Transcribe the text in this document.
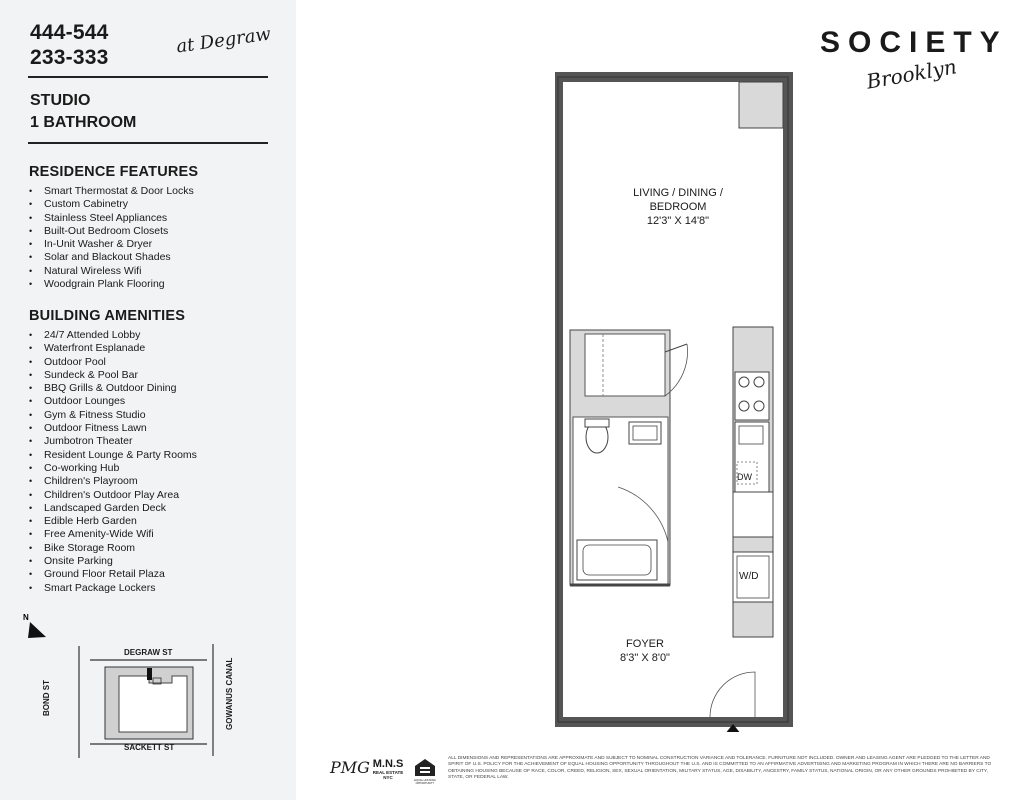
444-544
233-333	at Degraw
STUDIO
1 BATHROOM
RESIDENCE FEATURES
• Smart Thermostat & Door Locks
• Custom Cabinetry
• Stainless Steel Appliances
• Built-Out Bedroom Closets
• In-Unit Washer & Dryer
• Solar and Blackout Shades
• Natural Wireless Wifi
• Woodgrain Plank Flooring
BUILDING AMENITIES
• 24/7 Attended Lobby
• Waterfront Esplanade
• Outdoor Pool
• Sundeck & Pool Bar
• BBQ Grills & Outdoor Dining
• Outdoor Lounges
• Gym & Fitness Studio
• Outdoor Fitness Lawn
• Jumbotron Theater
• Resident Lounge & Party Rooms
• Co-working Hub
• Children's Playroom
• Children's Outdoor Play Area
• Landscaped Garden Deck
• Edible Herb Garden
• Free Amenity-Wide Wifi
• Bike Storage Room
• Onsite Parking
• Ground Floor Retail Plaza
• Smart Package Lockers
N
DEGRAW ST
SACKETT ST
BOND ST	GOWANUS CANAL
SOCIETY
Brooklyn
LIVING / DINING /
BEDROOM
12'3" X 14'8"
FOYER
8'3" X 8'0"
DW
W/D
PMG M.N.S
REAL ESTATE
NYC
EQUAL HOUSING OPPORTUNITY
ALL DIMENSIONS AND REPRESENTATIONS ARE APPROXIMATE AND SUBJECT TO NOMINAL CONSTRUCTION VARIANCE AND TOLERANCE. FURNITURE NOT INCLUDED. OWNER AND LEASING AGENT ARE PLEDGED TO THE LETTER AND SPIRIT OF U.S. POLICY FOR THE ACHIEVEMENT OF EQUAL HOUSING OPPORTUNITY THROUGHOUT THE U.S. AND IS COMMITTED TO AN AFFIRMATIVE ADVERTISING AND MARKETING PROGRAM IN WHICH THERE ARE NO BARRIERS TO OBTAINING HOUSING BECAUSE OF RACE, COLOR, CREED, RELIGION, SEX, SEXUAL ORIENTATION, MILITARY STATUS, AGE, DISABILITY, ANCESTRY, FAMILY STATUS, NATIONAL ORIGIN, OR ANY OTHER GROUNDS PROHIBITED BY CITY, STATE, OR FEDERAL LAW.
